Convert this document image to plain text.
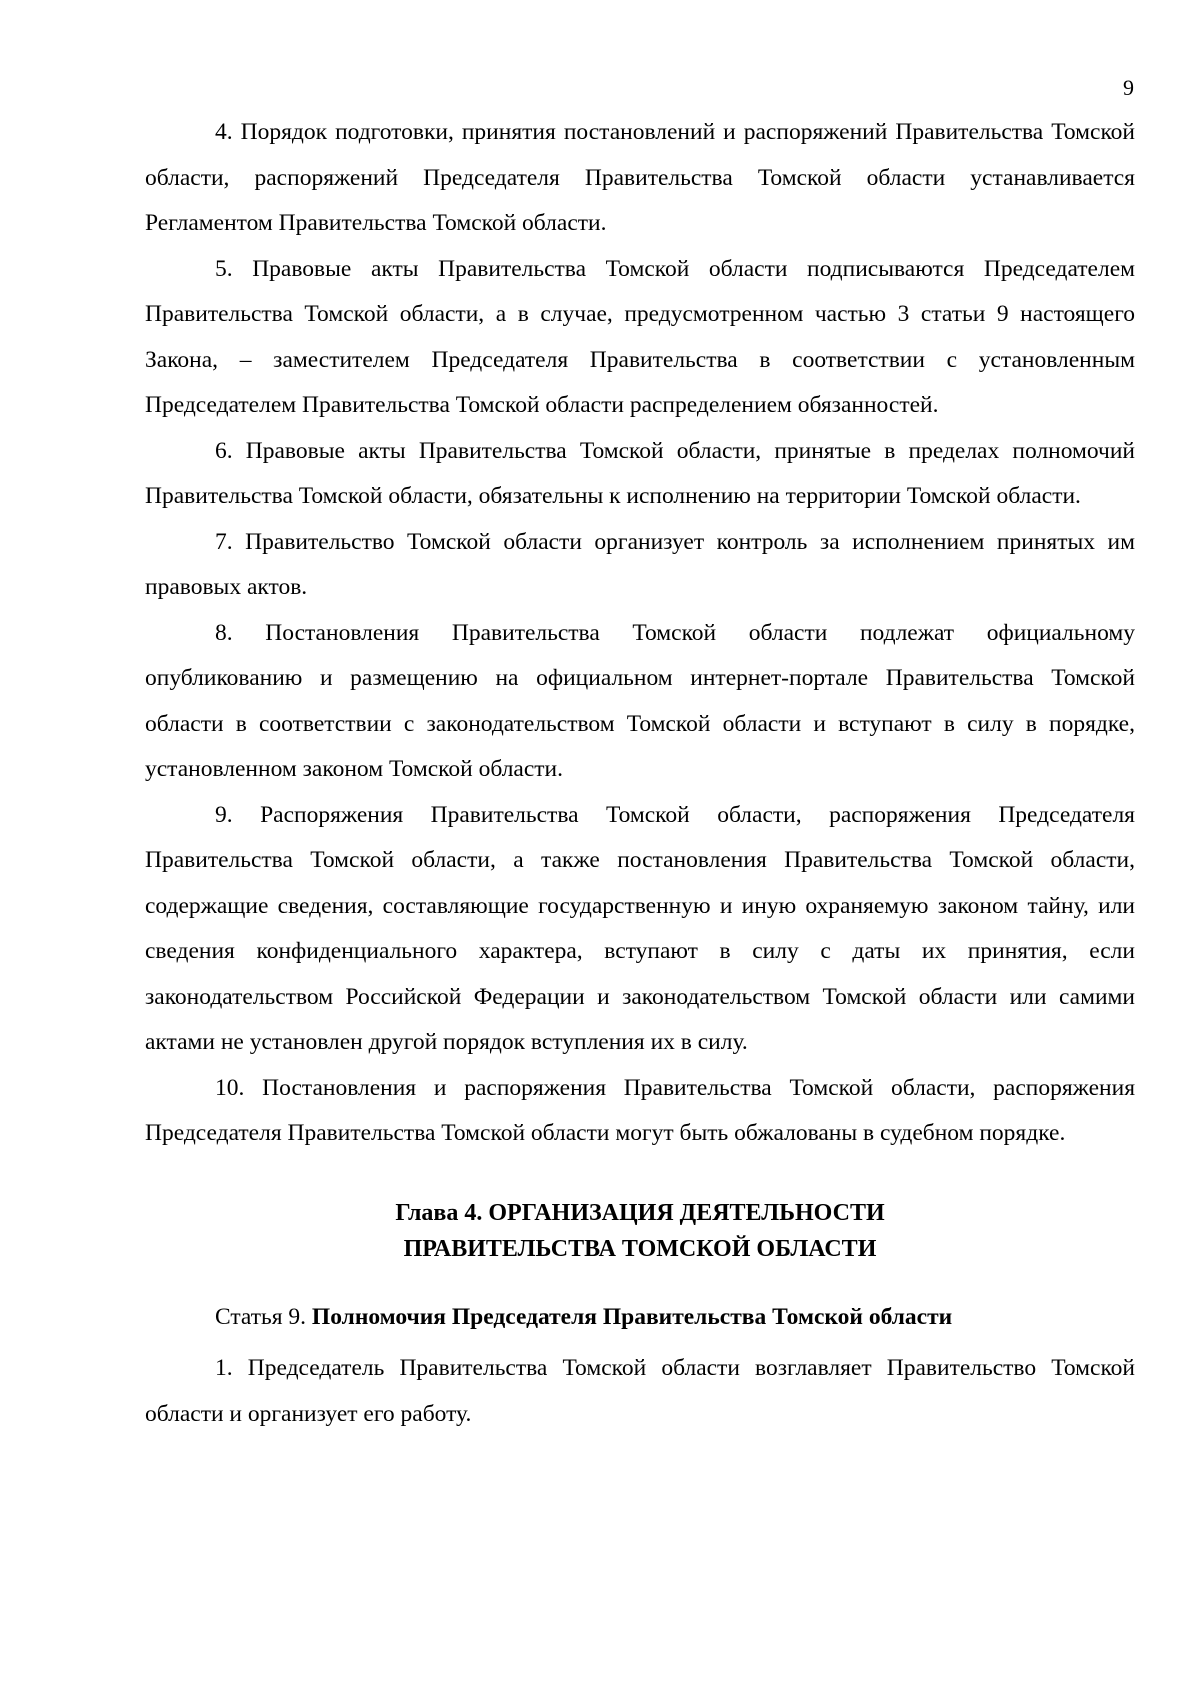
9

4. Порядок подготовки, принятия постановлений и распоряжений Правительства Томской области, распоряжений Председателя Правительства Томской области устанавливается Регламентом Правительства Томской области.

5. Правовые акты Правительства Томской области подписываются Председателем Правительства Томской области, а в случае, предусмотренном частью 3 статьи 9 настоящего Закона, – заместителем Председателя Правительства в соответствии с установленным Председателем Правительства Томской области распределением обязанностей.

6. Правовые акты Правительства Томской области, принятые в пределах полномочий Правительства Томской области, обязательны к исполнению на территории Томской области.

7. Правительство Томской области организует контроль за исполнением принятых им правовых актов.

8. Постановления Правительства Томской области подлежат официальному опубликованию и размещению на официальном интернет-портале Правительства Томской области в соответствии с законодательством Томской области и вступают в силу в порядке, установленном законом Томской области.

9. Распоряжения Правительства Томской области, распоряжения Председателя Правительства Томской области, а также постановления Правительства Томской области, содержащие сведения, составляющие государственную и иную охраняемую законом тайну, или сведения конфиденциального характера, вступают в силу с даты их принятия, если законодательством Российской Федерации и законодательством Томской области или самими актами не установлен другой порядок вступления их в силу.

10. Постановления и распоряжения Правительства Томской области, распоряжения Председателя Правительства Томской области могут быть обжалованы в судебном порядке.

Глава 4. ОРГАНИЗАЦИЯ ДЕЯТЕЛЬНОСТИ
ПРАВИТЕЛЬСТВА ТОМСКОЙ ОБЛАСТИ

Статья 9. Полномочия Председателя Правительства Томской области

1. Председатель Правительства Томской области возглавляет Правительство Томской области и организует его работу.
